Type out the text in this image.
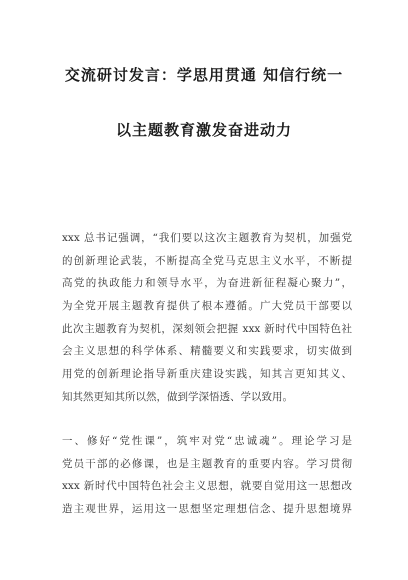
交流研讨发言：学思用贯通 知信行统一
以主题教育激发奋进动力
xxx 总书记强调，“我们要以这次主题教育为契机，加强党
的创新理论武装，不断提高全党马克思主义水平，不断提
高党的执政能力和领导水平，为奋进新征程凝心聚力”，
为全党开展主题教育提供了根本遵循。广大党员干部要以
此次主题教育为契机，深刻领会把握 xxx 新时代中国特色社
会主义思想的科学体系、精髓要义和实践要求，切实做到
用党的创新理论指导新重庆建设实践，知其言更知其义、
知其然更知其所以然，做到学深悟透、学以致用。
一、修好“党性课”，筑牢对党“忠诚魂”。理论学习是
党员干部的必修课，也是主题教育的重要内容。学习贯彻
xxx 新时代中国特色社会主义思想，就要自觉用这一思想改
造主观世界，运用这一思想坚定理想信念、提升思想境界
